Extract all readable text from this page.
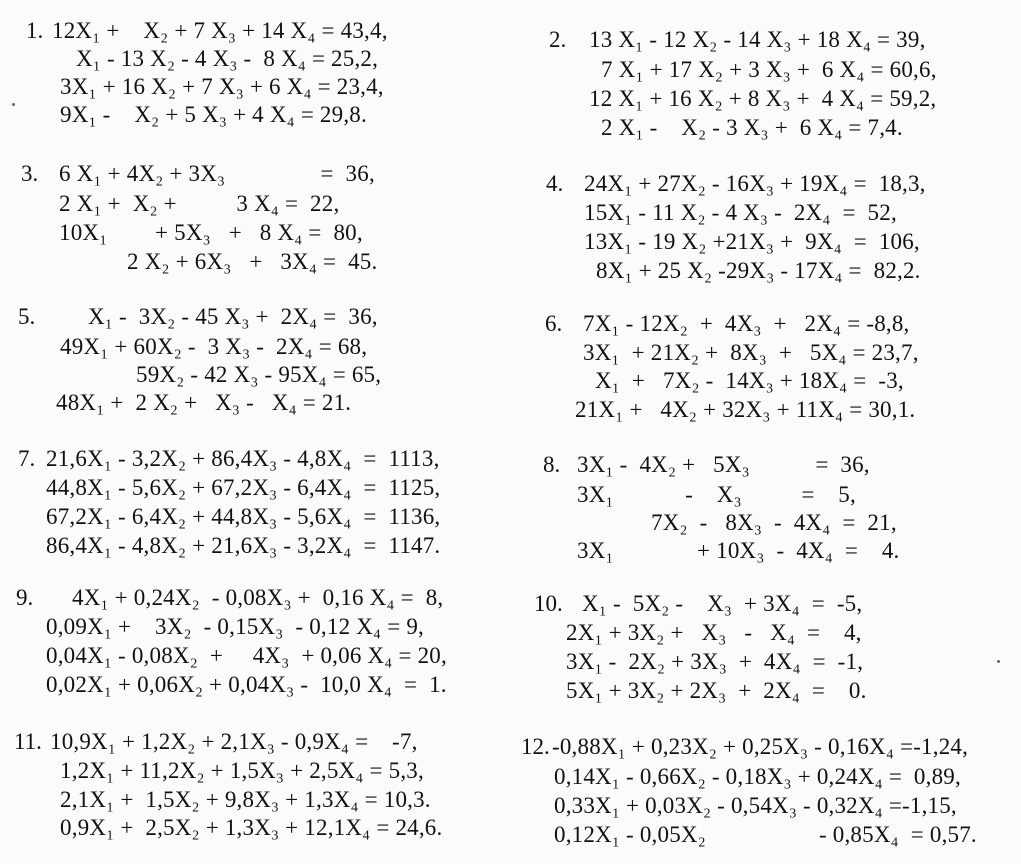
1. 12X₁ +    X₂ + 7 X₃ + 14 X₄ = 43,4,
X₁ - 13 X₂ - 4 X₃ -  8 X₄ = 25,2,
3X₁ + 16 X₂ + 7 X₃ + 6 X₄ = 23,4,
9X₁ -    X₂ + 5 X₃ + 4 X₄ = 29,8.
2. 13 X₁ - 12 X₂ - 14 X₃ + 18 X₄ = 39,
7 X₁ + 17 X₂ + 3 X₃ +  6 X₄ = 60,6,
12 X₁ + 16 X₂ + 8 X₃ +  4 X₄ = 59,2,
2 X₁ -    X₂ - 3 X₃ +  6 X₄ = 7,4.
3. 6 X₁ + 4X₂ + 3X₃                =  36,
2 X₁ +  X₂ +          3 X₄ =  22,
10X₁        + 5X₃   +   8 X₄ =  80,
2 X₂ + 6X₃   +   3X₄ =  45.
4. 24X₁ + 27X₂ - 16X₃ + 19X₄ =  18,3,
15X₁ - 11 X₂ - 4 X₃ -  2X₄  =  52,
13X₁ - 19 X₂ +21X₃ +  9X₄  =  106,
8X₁ + 25 X₂ -29X₃ - 17X₄ =  82,2.
5. X₁ -  3X₂ - 45 X₃ +  2X₄ =  36,
49X₁ + 60X₂ -  3 X₃ -  2X₄ = 68,
59X₂ - 42 X₃ - 95X₄ = 65,
48X₁ +  2 X₂ +   X₃ -   X₄ = 21.
6. 7X₁ - 12X₂  +  4X₃  +   2X₄ = -8,8,
3X₁  + 21X₂ +  8X₃  +   5X₄ = 23,7,
X₁  +   7X₂ -  14X₃ + 18X₄ =  -3,
21X₁ +   4X₂ + 32X₃ + 11X₄ = 30,1.
7. 21,6X₁ - 3,2X₂ + 86,4X₃ - 4,8X₄  =  1113,
44,8X₁ - 5,6X₂ + 67,2X₃ - 6,4X₄  =  1125,
67,2X₁ - 6,4X₂ + 44,8X₃ - 5,6X₄  =  1136,
86,4X₁ - 4,8X₂ + 21,6X₃ - 3,2X₄  =  1147.
8. 3X₁ -  4X₂ +   5X₃           =  36,
3X₁            -    X₃          =    5,
7X₂  -   8X₃  -  4X₄  =  21,
3X₁              + 10X₃  -  4X₄  =    4.
9. 4X₁ + 0,24X₂  - 0,08X₃ +  0,16 X₄ =  8,
0,09X₁ +    3X₂  - 0,15X₃  - 0,12 X₄ = 9,
0,04X₁ - 0,08X₂  +     4X₃  + 0,06 X₄ = 20,
0,02X₁ + 0,06X₂ + 0,04X₃ -  10,0 X₄  =  1.
10. X₁ -  5X₂ -    X₃  + 3X₄  =  -5,
2X₁ + 3X₂ +   X₃   -   X₄  =    4,
3X₁ -  2X₂ + 3X₃  +  4X₄  =  -1,
5X₁ + 3X₂ + 2X₃  +  2X₄  =    0.
11. 10,9X₁ + 1,2X₂ + 2,1X₃ - 0,9X₄ =    -7,
1,2X₁ + 11,2X₂ + 1,5X₃ + 2,5X₄ = 5,3,
2,1X₁ +  1,5X₂ + 9,8X₃ + 1,3X₄ = 10,3.
0,9X₁ +  2,5X₂ + 1,3X₃ + 12,1X₄ = 24,6.
12. -0,88X₁ + 0,23X₂ + 0,25X₃ - 0,16X₄ =-1,24,
0,14X₁ - 0,66X₂ - 0,18X₃ + 0,24X₄ =  0,89,
0,33X₁ + 0,03X₂ - 0,54X₃ - 0,32X₄ =-1,15,
0,12X₁ - 0,05X₂                   - 0,85X₄  = 0,57.
